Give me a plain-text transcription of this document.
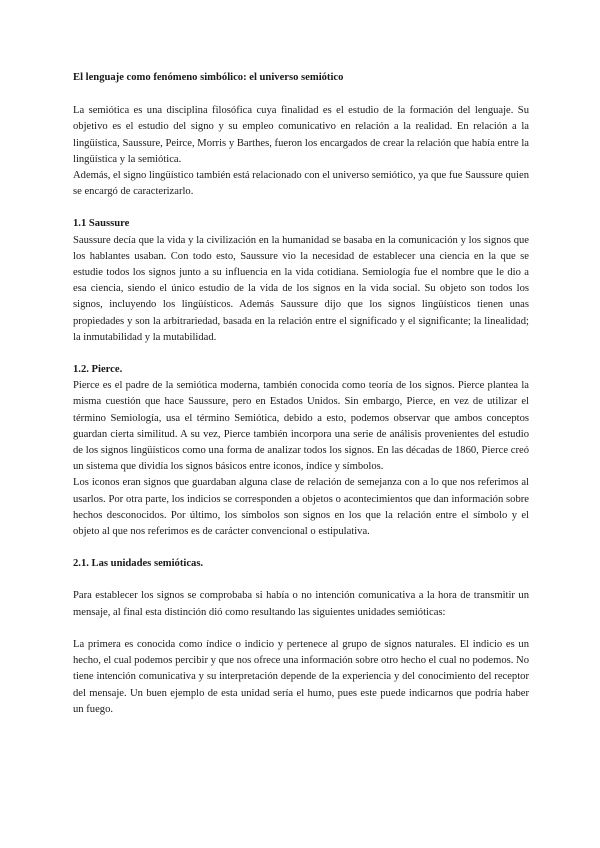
El lenguaje como fenómeno simbólico: el universo semiótico

La semiótica es una disciplina filosófica cuya finalidad es el estudio de la formación del lenguaje. Su objetivo es el estudio del signo y su empleo comunicativo en relación a la realidad. En relación a la lingüística, Saussure, Peirce, Morris y Barthes, fueron los encargados de crear la relación que había entre la lingüística y la semiótica.

Además, el signo lingüístico también está relacionado con el universo semiótico, ya que fue Saussure quien se encargó de caracterizarlo.

1.1 Saussure

Saussure decía que la vida y la civilización en la humanidad se basaba en la comunicación y los signos que los hablantes usaban. Con todo esto, Saussure vio la necesidad de establecer una ciencia en la que se estudie todos los signos junto a su influencia en la vida cotidiana. Semiología fue el nombre que le dio a esa ciencia, siendo el único estudio de la vida de los signos en la vida social. Su objeto son todos los signos, incluyendo los lingüísticos. Además Saussure dijo que los signos lingüísticos tienen unas propiedades y son la arbitrariedad, basada en la relación entre el significado y el significante; la linealidad; la inmutabilidad y la mutabilidad.

1.2. Pierce.

Pierce es el padre de la semiótica moderna, también conocida como teoría de los signos. Pierce plantea la misma cuestión que hace Saussure, pero en Estados Unidos. Sin embargo, Pierce, en vez de utilizar el término Semiología, usa el término Semiótica, debido a esto, podemos observar que ambos conceptos guardan cierta similitud. A su vez, Pierce también incorpora una serie de análisis provenientes del estudio de los signos lingüísticos como una forma de analizar todos los signos. En las décadas de 1860, Pierce creó un sistema que dividía los signos básicos entre iconos, índice y símbolos.

Los iconos eran signos que guardaban alguna clase de relación de semejanza con a lo que nos referimos al usarlos. Por otra parte, los indicios se corresponden a objetos o acontecimientos que dan información sobre hechos desconocidos. Por último, los símbolos son signos en los que la relación entre el símbolo y el objeto al que nos referimos es de carácter convencional o estipulativa.

2.1. Las unidades semióticas.

Para establecer los signos se comprobaba si había o no intención comunicativa a la hora de transmitir un mensaje, al final esta distinción dió como resultando las siguientes unidades semióticas:

La primera es conocida como índice o indicio y pertenece al grupo de signos naturales. El indicio es un hecho, el cual podemos percibir y que nos ofrece una información sobre otro hecho el cual no podemos. No tiene intención comunicativa y su interpretación depende de la experiencia y del conocimiento del receptor del mensaje. Un buen ejemplo de esta unidad sería el humo, pues este puede indicarnos que podría haber un fuego.
